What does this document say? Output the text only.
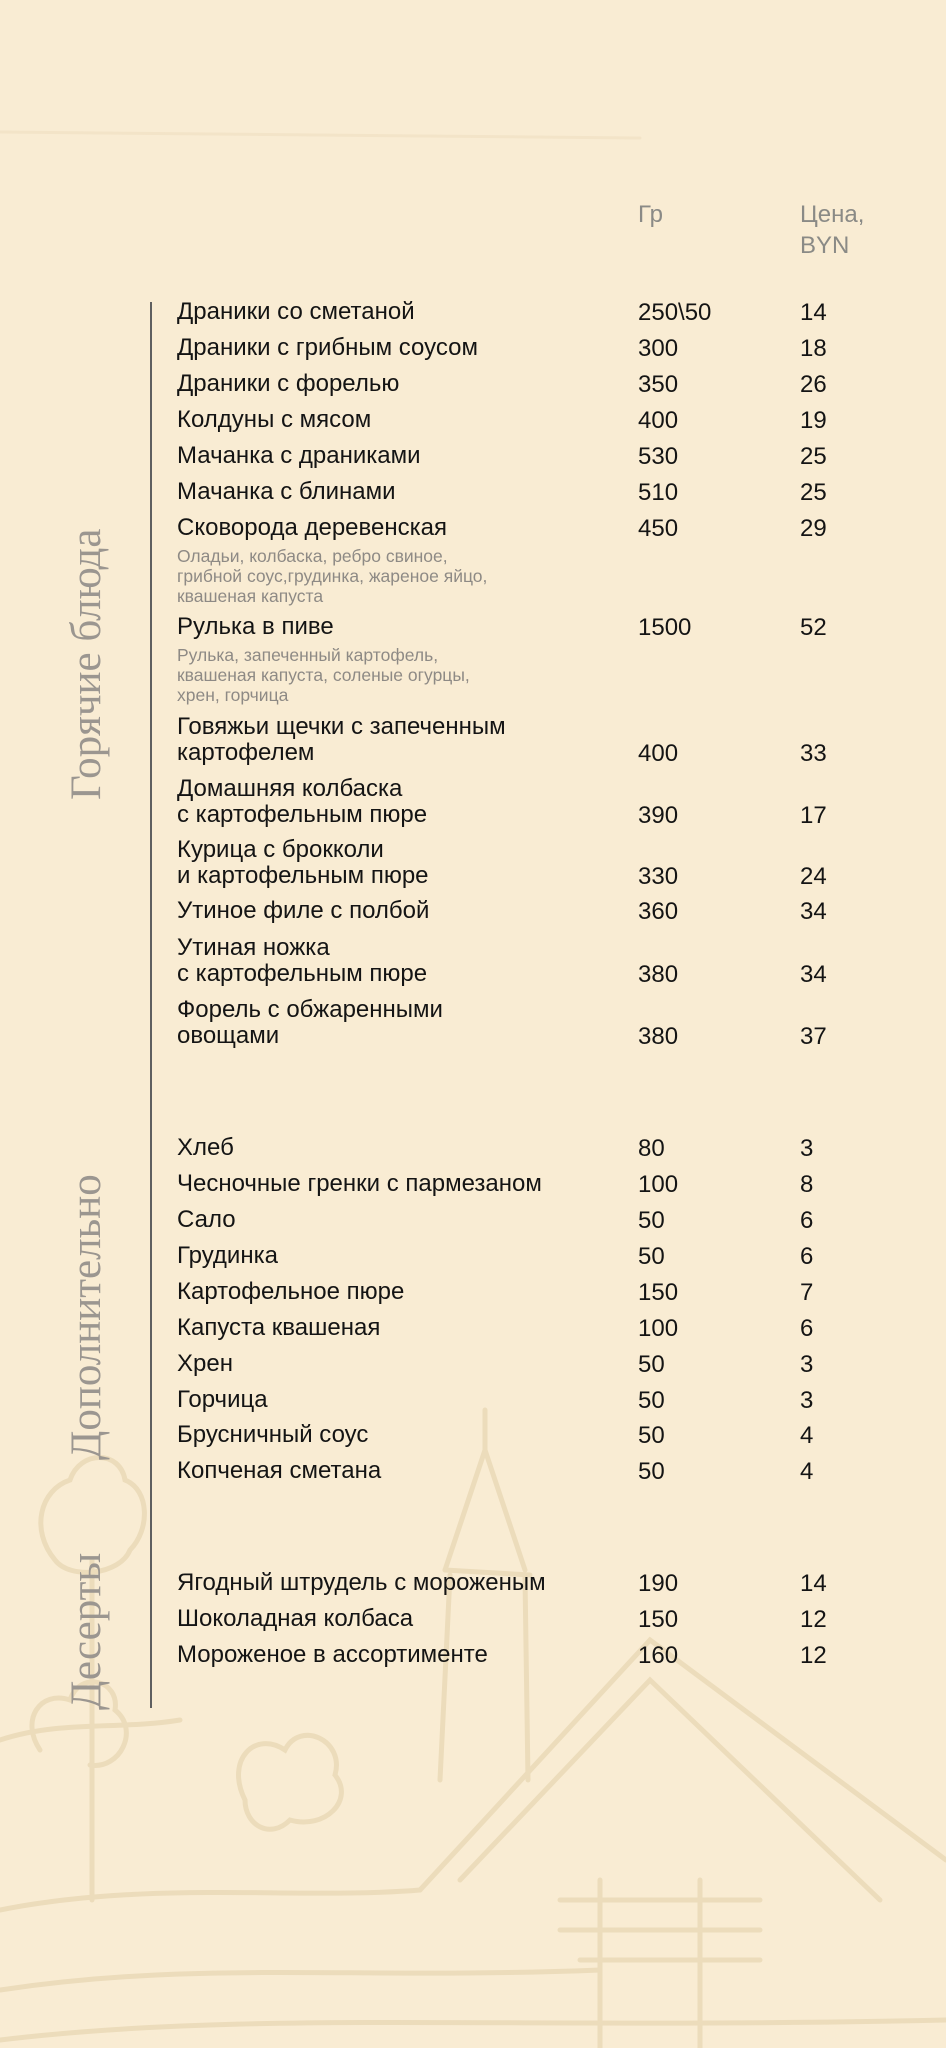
Гр	Цена,
BYN
Горячие блюда
Дополнительно
Десерты
Драники со сметаной	250\50	14
Драники с грибным соусом	300	18
Драники с форелью	350	26
Колдуны с мясом	400	19
Мачанка с драниками	530	25
Мачанка с блинами	510	25
Сковорода деревенская	450	29
Оладьи, колбаска, ребро свиное,
грибной соус,грудинка, жареное яйцо,
квашеная капуста
Рулька в пиве	1500	52
Рулька, запеченный картофель,
квашеная капуста, соленые огурцы,
хрен, горчица
Говяжьи щечки с запеченным
картофелем	400	33
Домашняя колбаска
с картофельным пюре	390	17
Курица с брокколи
и картофельным пюре	330	24
Утиное филе с полбой	360	34
Утиная ножка
с картофельным пюре	380	34
Форель с обжаренными
овощами	380	37
Хлеб	80	3
Чесночные гренки с пармезаном	100	8
Сало	50	6
Грудинка	50	6
Картофельное пюре	150	7
Капуста квашеная	100	6
Хрен	50	3
Горчица	50	3
Брусничный соус	50	4
Копченая сметана	50	4
Ягодный штрудель с мороженым	190	14
Шоколадная колбаса	150	12
Мороженое в ассортименте	160	12
